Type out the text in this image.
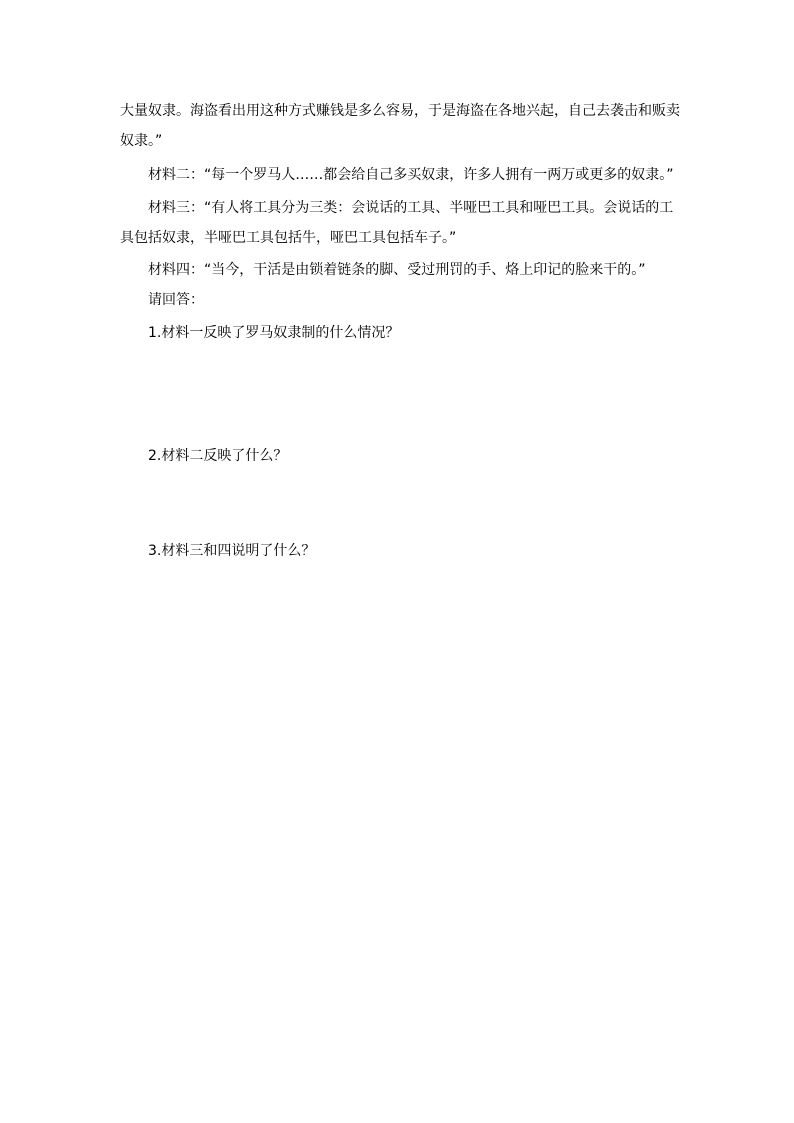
大量奴隶。海盗看出用这种方式赚钱是多么容易，于是海盗在各地兴起，自己去袭击和贩卖
奴隶。”
材料二：“每一个罗马人……都会给自己多买奴隶，许多人拥有一两万或更多的奴隶。”
材料三：“有人将工具分为三类：会说话的工具、半哑巴工具和哑巴工具。会说话的工
具包括奴隶，半哑巴工具包括牛，哑巴工具包括车子。”
材料四：“当今，干活是由锁着链条的脚、受过刑罚的手、烙上印记的脸来干的。”
请回答：
1.材料一反映了罗马奴隶制的什么情况？
2.材料二反映了什么？
3.材料三和四说明了什么？
